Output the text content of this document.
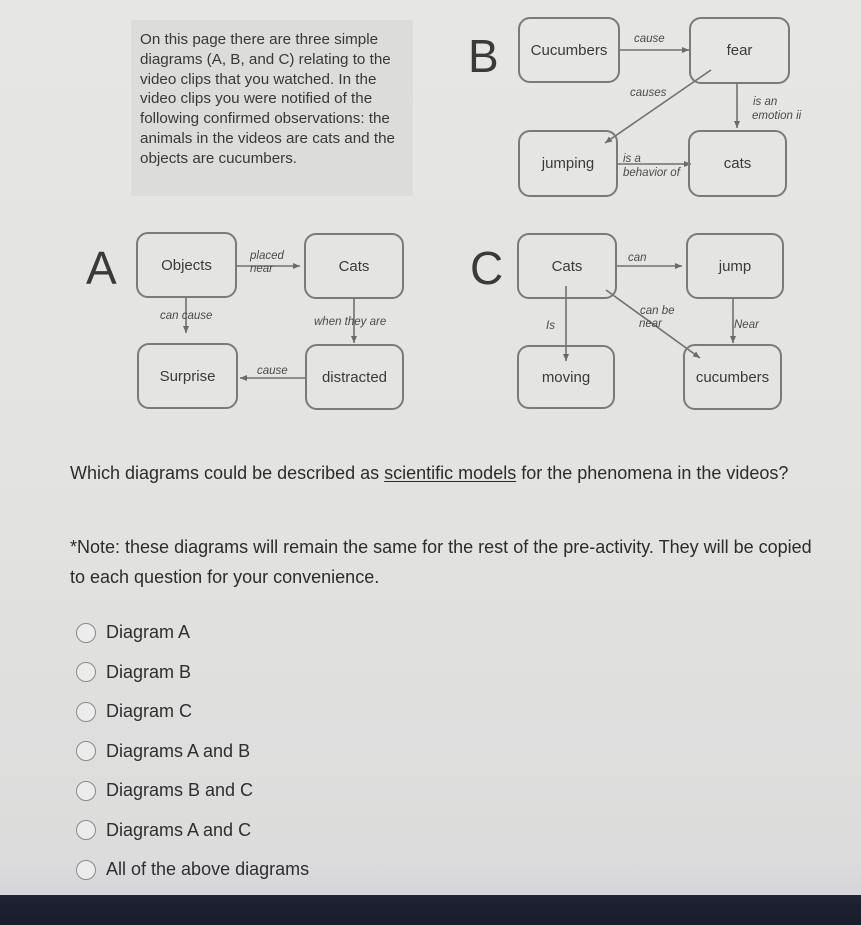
On this page there are three simple diagrams (A, B, and C) relating to the video clips that you watched. In the video clips you were notified of the following confirmed observations: the animals in the videos are cats and the objects are cucumbers.
B	Cucumbers	fear
jumping	cats
cause
causes
is an
emotion ii
is a
behavior of
A	Objects	Cats
Surprise	distracted
placed
near
can cause	when they are
cause
C	Cats	jump
moving	cucumbers
can
Is
can be
near	Near
Which diagrams could be described as scientific models for the phenomena in the videos?
*Note: these diagrams will remain the same for the rest of the pre-activity. They will be copied to each question for your convenience.
Diagram A
Diagram B
Diagram C
Diagrams A and B
Diagrams B and C
Diagrams A and C
All of the above diagrams
